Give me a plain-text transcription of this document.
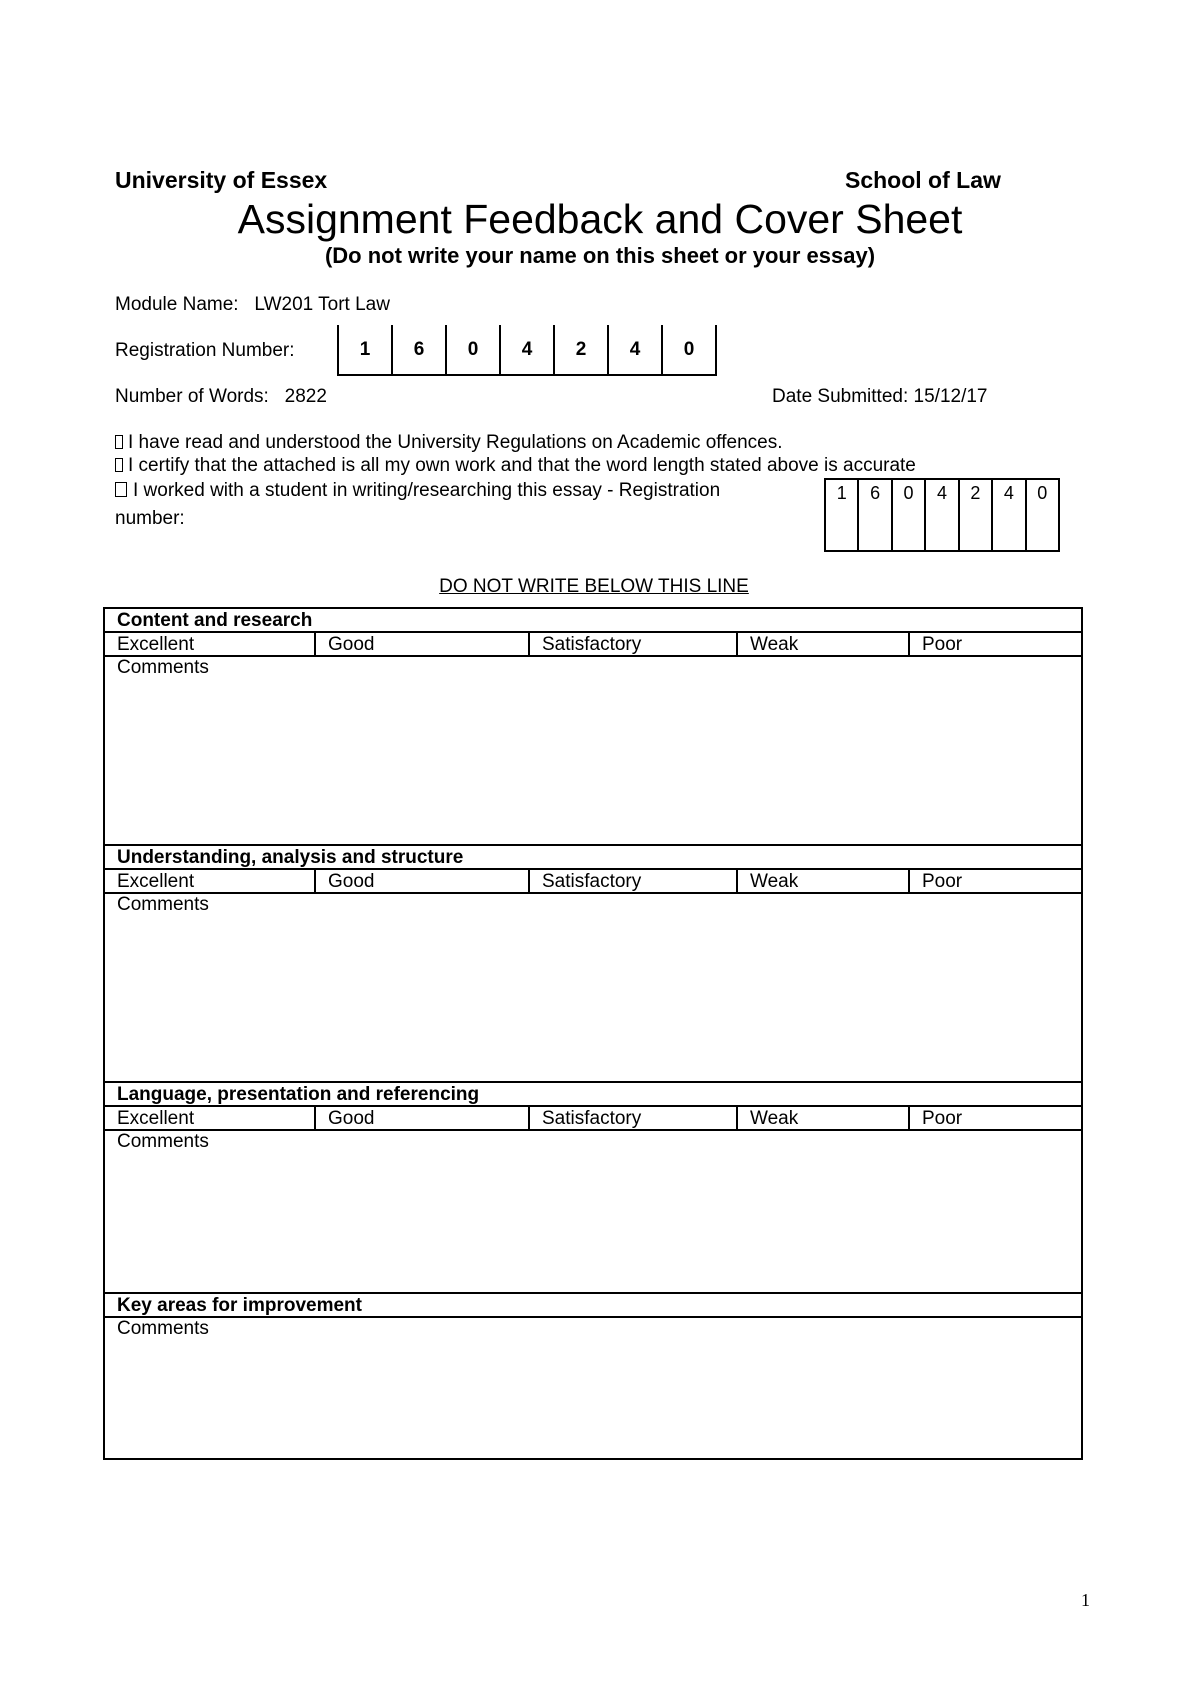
University of Essex	School of Law
Assignment Feedback and Cover Sheet
(Do not write your name on this sheet or your essay)
Module Name: LW201 Tort Law
Registration Number:	1	6	0	4	2	4	0
Number of Words: 2822	Date Submitted: 15/12/17
I have read and understood the University Regulations on Academic offences.
I certify that the attached is all my own work and that the word length stated above is accurate
I worked with a student in writing/researching this essay - Registration
number:
1	6	0	4	2	4	0
DO NOT WRITE BELOW THIS LINE
Content and research
Excellent	Good	Satisfactory	Weak	Poor
Comments
Understanding, analysis and structure
Excellent	Good	Satisfactory	Weak	Poor
Comments
Language, presentation and referencing
Excellent	Good	Satisfactory	Weak	Poor
Comments
Key areas for improvement
Comments
1
